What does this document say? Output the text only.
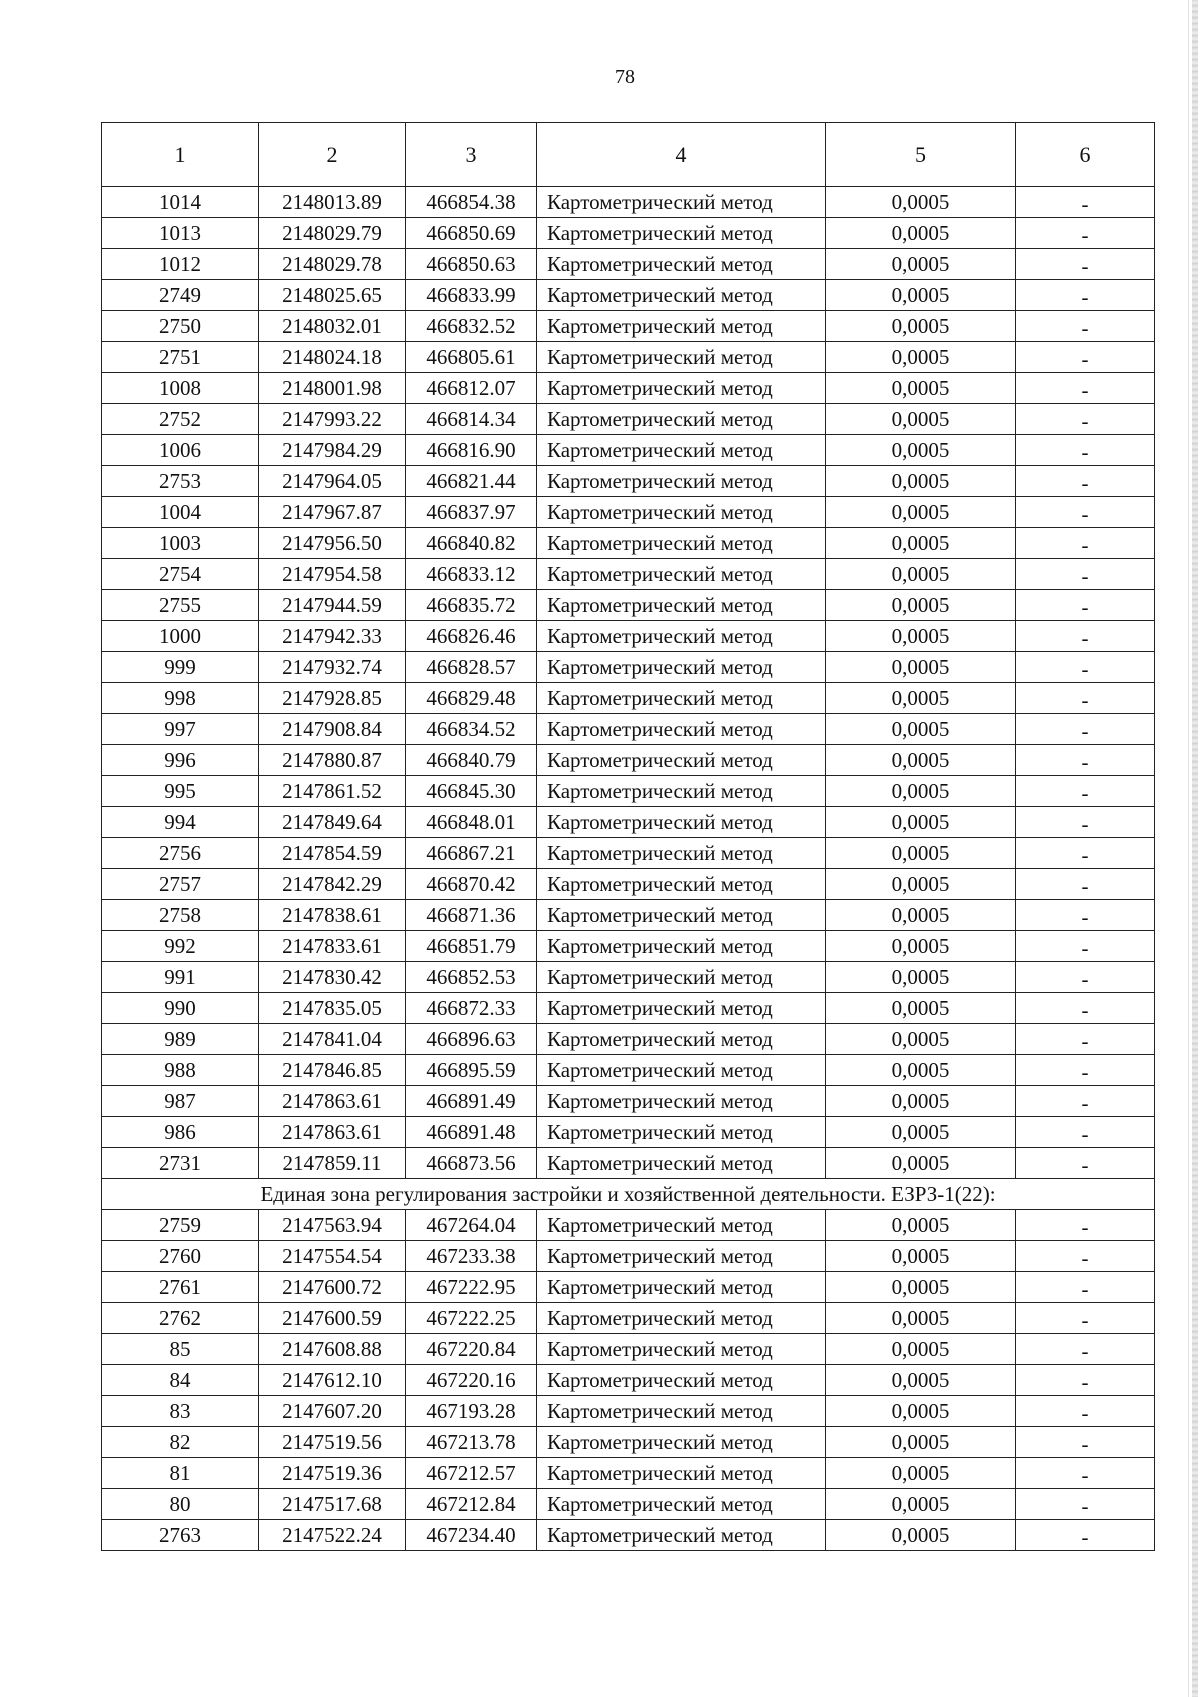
78
1	2	3	4	5	6
1014	2148013.89	466854.38	Картометрический метод	0,0005	-
1013	2148029.79	466850.69	Картометрический метод	0,0005	-
1012	2148029.78	466850.63	Картометрический метод	0,0005	-
2749	2148025.65	466833.99	Картометрический метод	0,0005	-
2750	2148032.01	466832.52	Картометрический метод	0,0005	-
2751	2148024.18	466805.61	Картометрический метод	0,0005	-
1008	2148001.98	466812.07	Картометрический метод	0,0005	-
2752	2147993.22	466814.34	Картометрический метод	0,0005	-
1006	2147984.29	466816.90	Картометрический метод	0,0005	-
2753	2147964.05	466821.44	Картометрический метод	0,0005	-
1004	2147967.87	466837.97	Картометрический метод	0,0005	-
1003	2147956.50	466840.82	Картометрический метод	0,0005	-
2754	2147954.58	466833.12	Картометрический метод	0,0005	-
2755	2147944.59	466835.72	Картометрический метод	0,0005	-
1000	2147942.33	466826.46	Картометрический метод	0,0005	-
999	2147932.74	466828.57	Картометрический метод	0,0005	-
998	2147928.85	466829.48	Картометрический метод	0,0005	-
997	2147908.84	466834.52	Картометрический метод	0,0005	-
996	2147880.87	466840.79	Картометрический метод	0,0005	-
995	2147861.52	466845.30	Картометрический метод	0,0005	-
994	2147849.64	466848.01	Картометрический метод	0,0005	-
2756	2147854.59	466867.21	Картометрический метод	0,0005	-
2757	2147842.29	466870.42	Картометрический метод	0,0005	-
2758	2147838.61	466871.36	Картометрический метод	0,0005	-
992	2147833.61	466851.79	Картометрический метод	0,0005	-
991	2147830.42	466852.53	Картометрический метод	0,0005	-
990	2147835.05	466872.33	Картометрический метод	0,0005	-
989	2147841.04	466896.63	Картометрический метод	0,0005	-
988	2147846.85	466895.59	Картометрический метод	0,0005	-
987	2147863.61	466891.49	Картометрический метод	0,0005	-
986	2147863.61	466891.48	Картометрический метод	0,0005	-
2731	2147859.11	466873.56	Картометрический метод	0,0005	-
Единая зона регулирования застройки и хозяйственной деятельности. ЕЗРЗ-1(22):					
2759	2147563.94	467264.04	Картометрический метод	0,0005	-
2760	2147554.54	467233.38	Картометрический метод	0,0005	-
2761	2147600.72	467222.95	Картометрический метод	0,0005	-
2762	2147600.59	467222.25	Картометрический метод	0,0005	-
85	2147608.88	467220.84	Картометрический метод	0,0005	-
84	2147612.10	467220.16	Картометрический метод	0,0005	-
83	2147607.20	467193.28	Картометрический метод	0,0005	-
82	2147519.56	467213.78	Картометрический метод	0,0005	-
81	2147519.36	467212.57	Картометрический метод	0,0005	-
80	2147517.68	467212.84	Картометрический метод	0,0005	-
2763	2147522.24	467234.40	Картометрический метод	0,0005	-
